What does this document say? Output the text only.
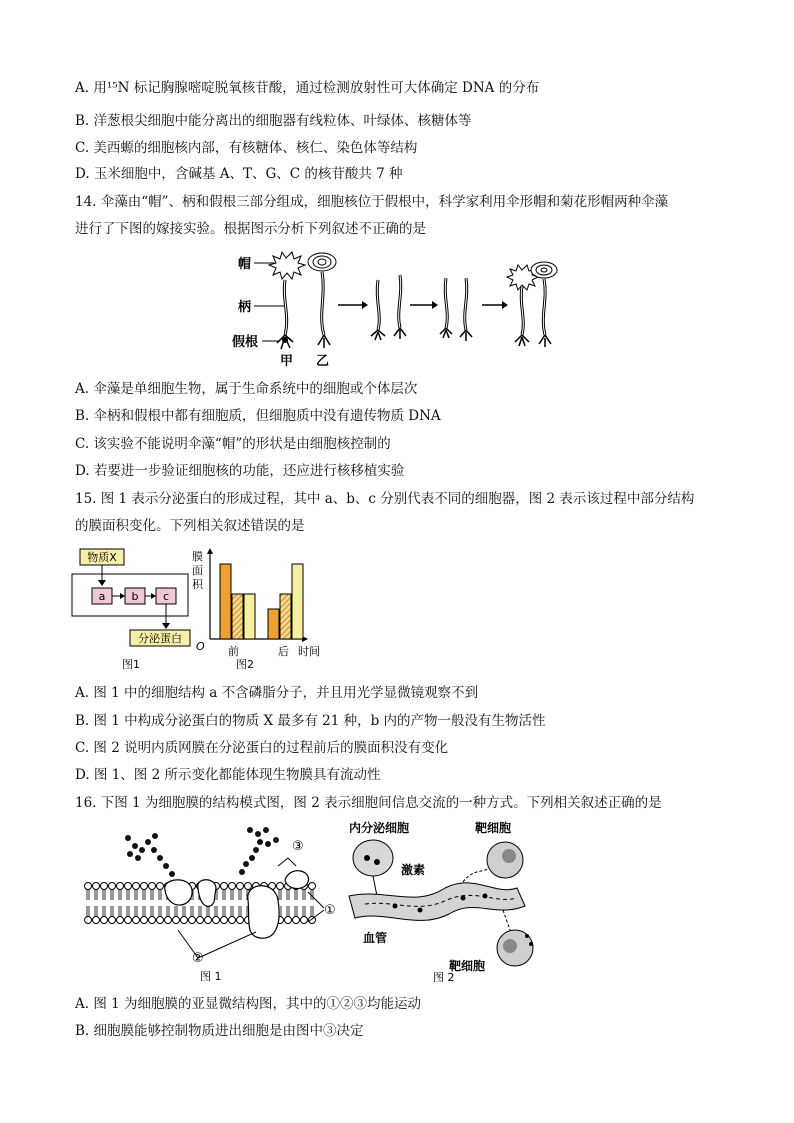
A. 用¹⁵N 标记胸腺嘧啶脱氧核苷酸，通过检测放射性可大体确定 DNA 的分布
B. 洋葱根尖细胞中能分离出的细胞器有线粒体、叶绿体、核糖体等
C. 美西螈的细胞核内部，有核糖体、核仁、染色体等结构
D. 玉米细胞中，含碱基 A、T、G、C 的核苷酸共 7 种
14. 伞藻由“帽”、柄和假根三部分组成，细胞核位于假根中，科学家利用伞形帽和菊花形帽两种伞藻
进行了下图的嫁接实验。根据图示分析下列叙述不正确的是
帽
柄
假根
甲 乙
A. 伞藻是单细胞生物，属于生命系统中的细胞或个体层次
B. 伞柄和假根中都有细胞质，但细胞质中没有遗传物质 DNA
C. 该实验不能说明伞藻“帽”的形状是由细胞核控制的
D. 若要进一步验证细胞核的功能，还应进行核移植实验
15. 图 1 表示分泌蛋白的形成过程，其中 a、b、c 分别代表不同的细胞器，图 2 表示该过程中部分结构
的膜面积变化。下列相关叙述错误的是
物质X
a b c
分泌蛋白
图1
膜
面
积
O 前	后 时间
图2
A. 图 1 中的细胞结构 a 不含磷脂分子，并且用光学显微镜观察不到
B. 图 1 中构成分泌蛋白的物质 X 最多有 21 种，b 内的产物一般没有生物活性
C. 图 2 说明内质网膜在分泌蛋白的过程前后的膜面积没有变化
D. 图 1、图 2 所示变化都能体现生物膜具有流动性
16. 下图 1 为细胞膜的结构模式图，图 2 表示细胞间信息交流的一种方式。下列相关叙述正确的是
③
①
②
图 1
内分泌细胞
激素
靶细胞
血管
靶细胞
图 2
A. 图 1 为细胞膜的亚显微结构图，其中的①②③均能运动
B. 细胞膜能够控制物质进出细胞是由图中③决定
